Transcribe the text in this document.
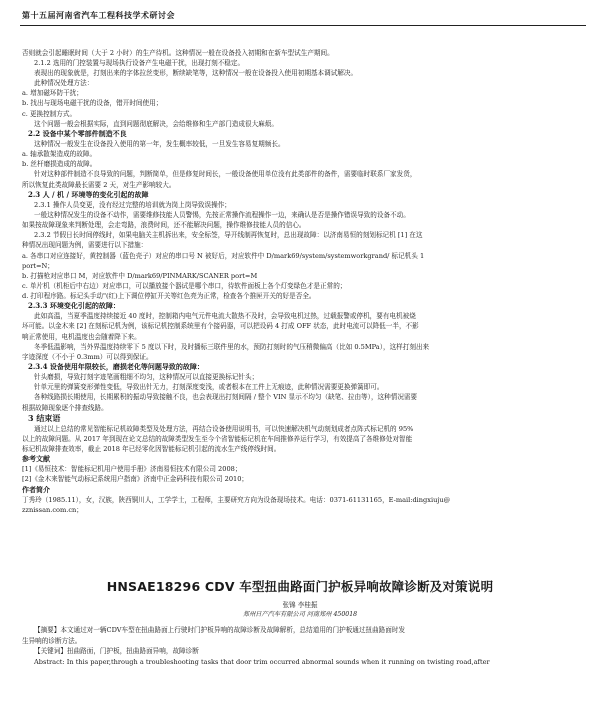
第十五届河南省汽车工程科技学术研讨会
否则就会引起睡眠时间（大于 2 小时）的生产待机。这种情况一般在设备投入初期和在新车型试生产期间。
2.1.2 选用的门控装置与现场执行设备产生电磁干扰，出现打刻不稳定。
表现出的现象就是，打刻出来的字体拉丝变形，断续缺笔等，这种情况一般在设备投入使用初期基本调试解决。
此种情况处理方法：
a. 增加磁环防干扰；
b. 找出与现场电磁干扰的设备，错开时间使用；
c. 更换控制方式。
这个问题一般会根据实际，直到问题彻底解决，会给维修和生产部门造成很大麻烦。
2.2 设备中某个零部件制造不良
这种情况一般发生在设备投入使用的第一年，发生概率较低，一旦发生容易复期频长。
a. 轴承散架造成的故障。
b. 丝杆磨损造成的故障。
针对这种部件制造不良导致的问题，判断简单，但是修复时间长，一般设备使用单位没有此类部件的备件，需要临时联系厂家发货，
所以恢复此类故障最长需要 2 天，对生产影响较大。
2.3 人 / 机 / 环境等的变化引起的故障
2.3.1 操作人员变更，没有经过完整的培训就为岗上岗导致误操作；
一般这种情况发生的设备不动作，需要维修技能人员警惕，先按正常操作流程操作一边，来确认是否是操作错误导致的设备不动。
如果按故障现象来判断处理，会走弯路，浪费时间，还不能解决问题，操作维修技能人员的信心。
2.3.2 节假日长时间停线时，如果电脑关主机拆出来，安全标签，导开线制再恢复时，总出现故障：以济南易恒的刻划标记机 [1] 在这
种情况出现问题为例，需要进行以下措施：
a. 各串口对应连接好，黄控制器（蓝色壳子）对应的串口号 N 被好后，对应软件中 D/mark69/system/systemworkgrand/ 标记机头 1
port=N；
b. 打描枪对应串口 M，对应软件中 D/mark69/PINMARK/SCANER port=M
c. 单片机（机柜后中右边）对应串口，可以播放接个器试是哪个串口，待软件面板上各个灯变绿色才是正常的；
d. 打印程序路。标记头手动"(红)上下调位停缸开关等红色亮为正常，检查各个推匣开关的好是否全。
2.3.3 环境变化引起的故障：
此如高温，当夏季温度持续接近 40 度时，控制箱内电气元件电流大散热不及时，会导致电机过热，过载报警或停机，要有电机被烧
坏可能。以金木来 [2] 在刻标记机为例，该标记机控制系统里有个接码器，可以把设码 4 打成 OFF 状态，此时电流可以降低一半，不影
响正常使用，电机温度也会随着降下来。
冬季低温影响，当外界温度持续零下 5 度以下时，及时播标三联件里的水，预防打刻时的气压稍微偏高（比如 0.5MPa），这样打刻出来
字迹深度（不小于 0.3mm）可以得到保证。
2.3.4 设备使用年限较长，磨损老化等问题导致的故障：
针头磨损，导致打刻字迹笔画粗细不均匀，这种情况可以直接更换标记针头；
针单元里的弹簧变形弹性变低，导致出针无力，打刻深度变浅，或者根本在工件上无痕迹，此种情况需要更换弹簧即可。
各种线路损长期使用，长期累积的振动导致接触不良，也会表现出打刻间隔 / 整个 VIN 显示不均匀（缺笔、拉由等），这种情况需要
根据故障现象逐个排查线路。
3 结束语
通过以上总结的常见智能标记机故障类型及处理方法，再结合设备使用说明书，可以快速解决机气动刻划成者点阵式标记机的 95%
以上的故障问题。从 2017 年到现在论文总结的故障类型发生至今个省智能标记机在车间推修养运行学习，有效提高了各维修处对智能
标记机故障排查效率，截止 2018 年已经零化因智能标记机引起的流水生产线停线时间。
参考文献
[1]《易恒技术：智能标记机用户使用手册》济南易恒技术有限公司 2008；
[2]《金木来智能气动标记系统用户指南》济南中正金码科技有限公司 2010；
作者简介
丁秀玲（1985.11），女，汉族，陕西铜川人，工学学士，工程师，主要研究方向为设备现场技术。电话：0371-61131165，E-mail:dingxiuju@
zznissan.com.cn；
HNSAE18296 CDV 车型扭曲路面门护板异响故障诊断及对策说明
张锦 李桂振
郑州日产汽车有限公司 河南郑州 450018
【摘要】本文通过对一辆CDV车型在扭曲路面上行驶时门护板异响的故障诊断及故障解析，总结道用的门护板通过扭曲路面时发
生异响的诊断方法。
【关键词】扭曲路面，门护板，扭曲路面异响，故障诊断
Abstract: In this paper,through a troubleshooting tasks that door trim occurred abnormal sounds when it running on twisting road,after
